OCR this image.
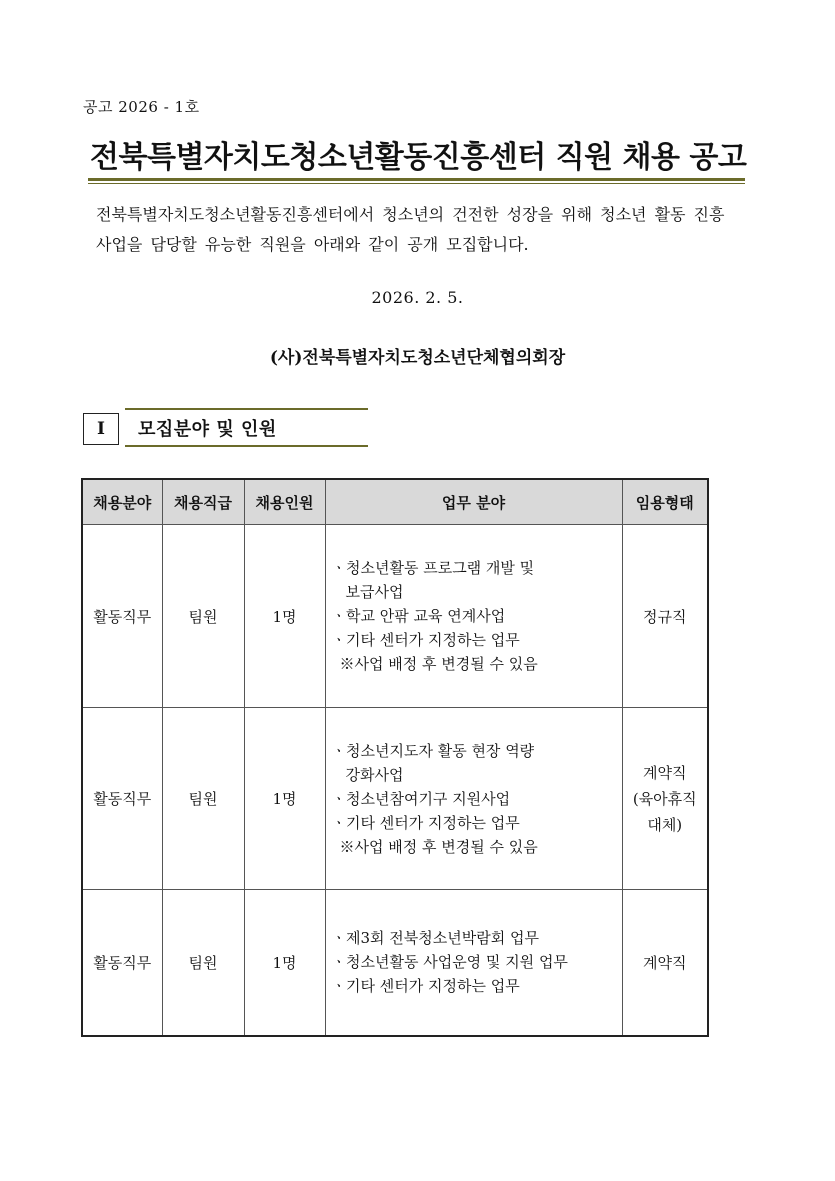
공고 2026 - 1호
전북특별자치도청소년활동진흥센터 직원 채용 공고
전북특별자치도청소년활동진흥센터에서 청소년의 건전한 성장을 위해 청소년 활동 진흥 사업을 담당할 유능한 직원을 아래와 같이 공개 모집합니다.
2026. 2. 5.
(사)전북특별자치도청소년단체협의회장
I	모집분야 및 인원
채용분야	채용직급	채용인원	업무 분야	임용형태
활동직무	팀원	1명	ㆍ청소년활동 프로그램 개발 및
보급사업
ㆍ학교 안팎 교육 연계사업
ㆍ기타 센터가 지정하는 업무
※사업 배정 후 변경될 수 있음	정규직

활동직무	팀원	1명	ㆍ청소년지도자 활동 현장 역량
강화사업
ㆍ청소년참여기구 지원사업
ㆍ기타 센터가 지정하는 업무
※사업 배정 후 변경될 수 있음	계약직
(육아휴직
대체)

활동직무	팀원	1명	ㆍ제3회 전북청소년박람회 업무
ㆍ청소년활동 사업운영 및 지원 업무
ㆍ기타 센터가 지정하는 업무	계약직
